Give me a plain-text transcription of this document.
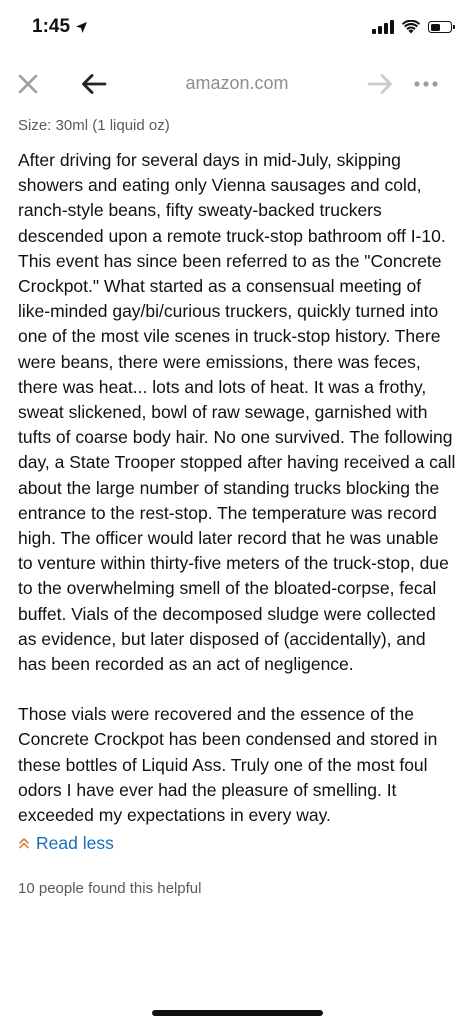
1:45
amazon.com

Size: 30ml (1 liquid oz)

After driving for several days in mid-July, skipping showers and eating only Vienna sausages and cold, ranch-style beans, fifty sweaty-backed truckers descended upon a remote truck-stop bathroom off I-10. This event has since been referred to as the "Concrete Crockpot." What started as a consensual meeting of like-minded gay/bi/curious truckers, quickly turned into one of the most vile scenes in truck-stop history. There were beans, there were emissions, there was feces, there was heat... lots and lots of heat. It was a frothy, sweat slickened, bowl of raw sewage, garnished with tufts of coarse body hair. No one survived. The following day, a State Trooper stopped after having received a call about the large number of standing trucks blocking the entrance to the rest-stop. The temperature was record high. The officer would later record that he was unable to venture within thirty-five meters of the truck-stop, due to the overwhelming smell of the bloated-corpse, fecal buffet. Vials of the decomposed sludge were collected as evidence, but later disposed of (accidentally), and has been recorded as an act of negligence.

Those vials were recovered and the essence of the Concrete Crockpot has been condensed and stored in these bottles of Liquid Ass. Truly one of the most foul odors I have ever had the pleasure of smelling. It exceeded my expectations in every way.

Read less
10 people found this helpful
